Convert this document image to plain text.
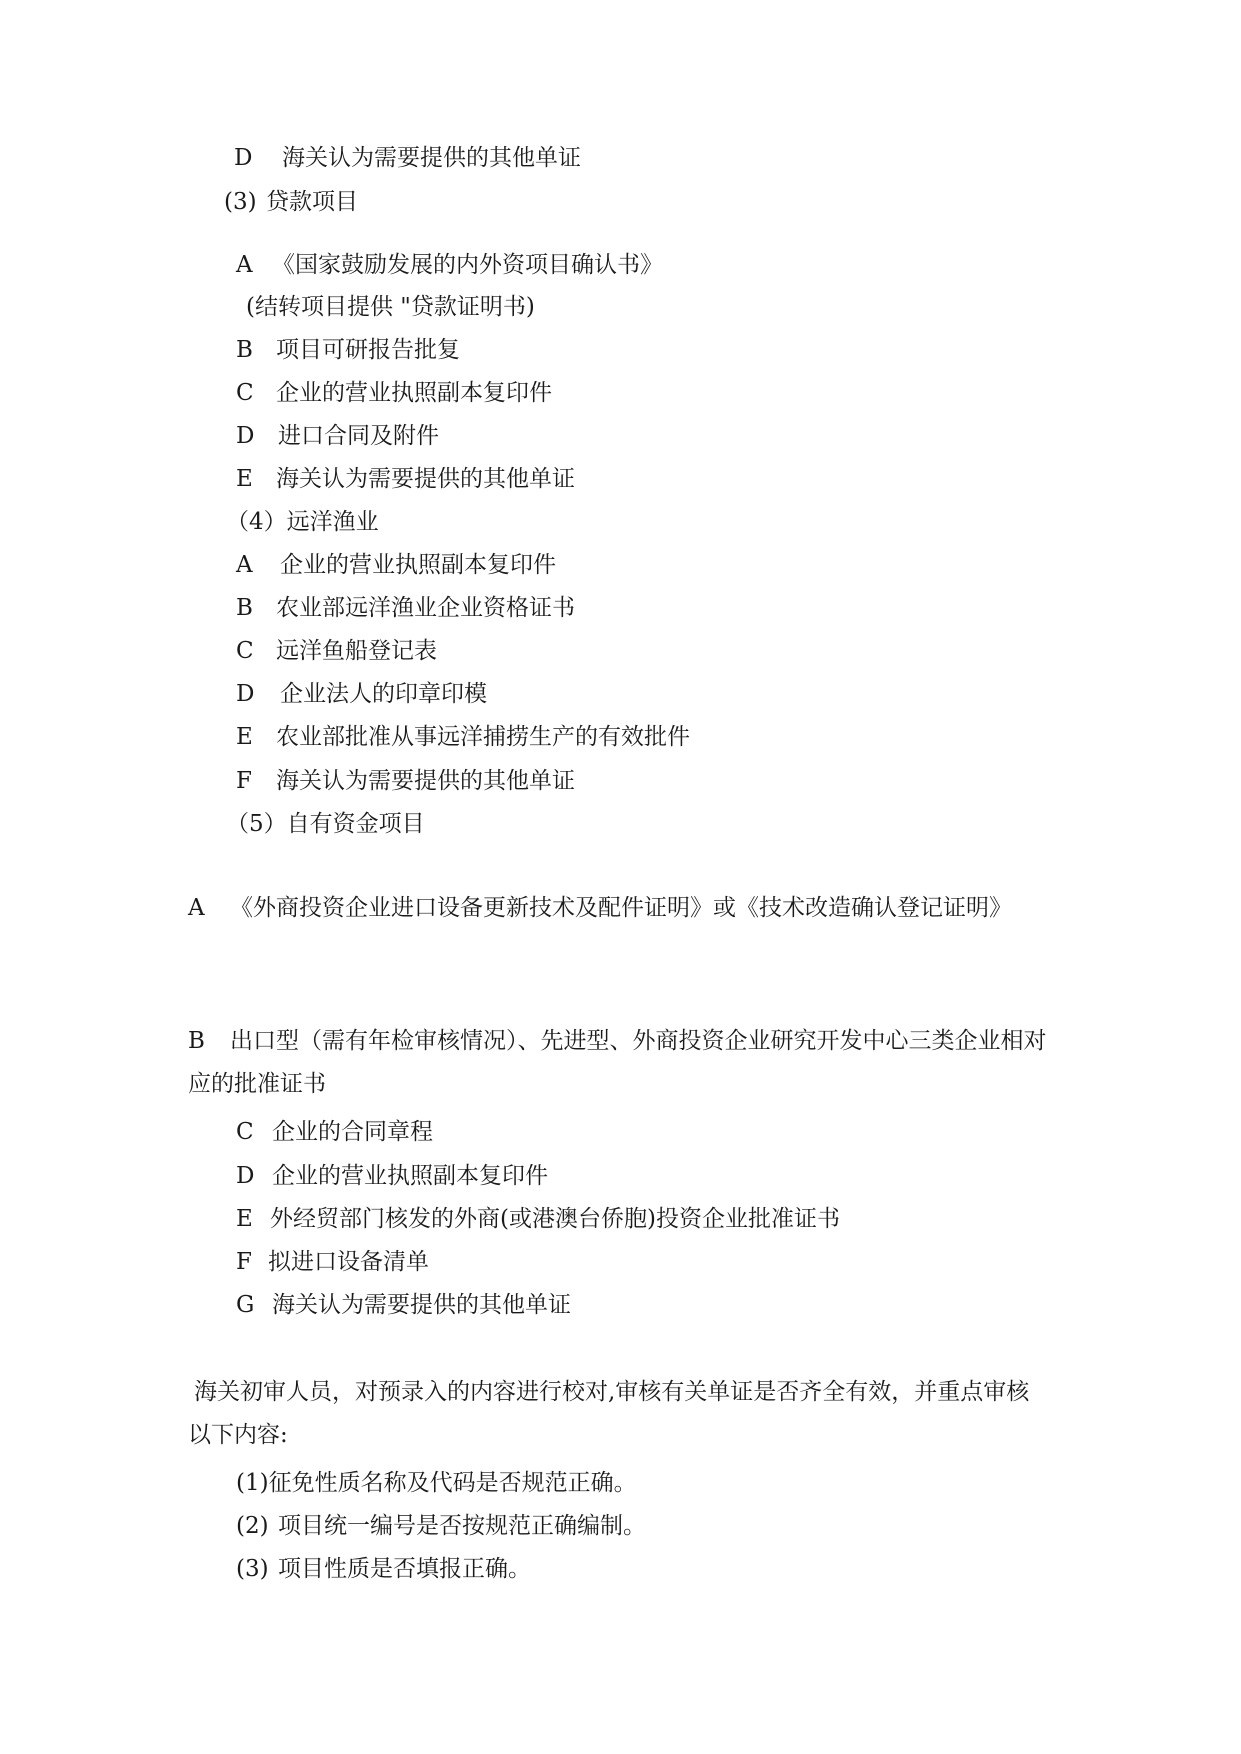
D 海关认为需要提供的其他单证
(3) 贷款项目
A 《国家鼓励发展的内外资项目确认书》
(结转项目提供 "贷款证明书)
B 项目可研报告批复
C 企业的营业执照副本复印件
D 进口合同及附件
E 海关认为需要提供的其他单证
（4）远洋渔业
A 企业的营业执照副本复印件
B 农业部远洋渔业企业资格证书
C 远洋鱼船登记表
D 企业法人的印章印模
E 农业部批准从事远洋捕捞生产的有效批件
F 海关认为需要提供的其他单证
（5）自有资金项目
A 《外商投资企业进口设备更新技术及配件证明》或《技术改造确认登记证明》
B 出口型（需有年检审核情况）、先进型、外商投资企业研究开发中心三类企业相对应的批准证书
C 企业的合同章程
D 企业的营业执照副本复印件
E 外经贸部门核发的外商(或港澳台侨胞)投资企业批准证书
F 拟进口设备清单
G 海关认为需要提供的其他单证
海关初审人员，对预录入的内容进行校对,审核有关单证是否齐全有效，并重点审核以下内容:
(1)征免性质名称及代码是否规范正确。
(2) 项目统一编号是否按规范正确编制。
(3) 项目性质是否填报正确。
